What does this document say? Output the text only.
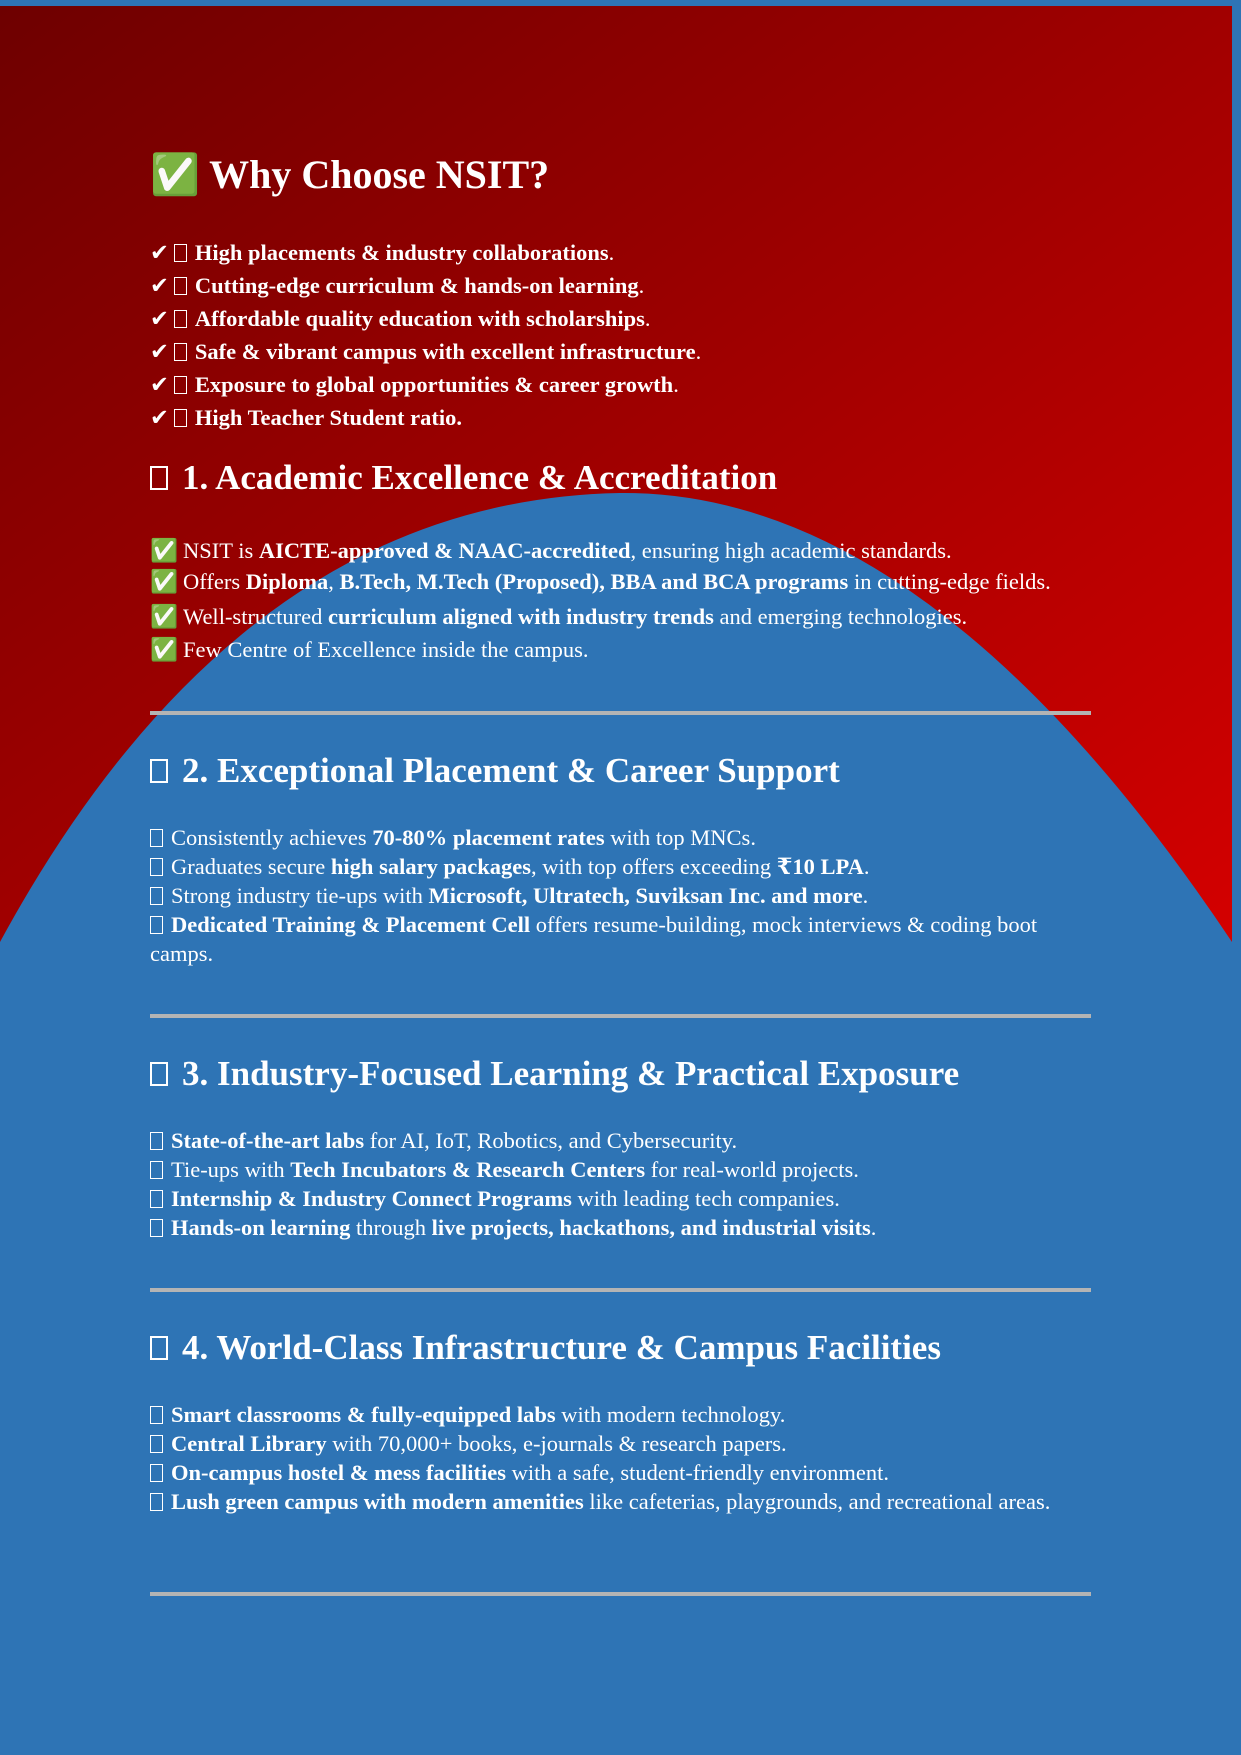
✅ Why Choose NSIT?
✔ High placements & industry collaborations.
✔ Cutting-edge curriculum & hands-on learning.
✔ Affordable quality education with scholarships.
✔ Safe & vibrant campus with excellent infrastructure.
✔ Exposure to global opportunities & career growth.
✔ High Teacher Student ratio.
1. Academic Excellence & Accreditation
✅ NSIT is AICTE-approved & NAAC-accredited, ensuring high academic standards.
✅ Offers Diploma, B.Tech, M.Tech (Proposed), BBA and BCA programs in cutting-edge fields.
✅ Well-structured curriculum aligned with industry trends and emerging technologies.
✅ Few Centre of Excellence inside the campus.
2. Exceptional Placement & Career Support
Consistently achieves 70-80% placement rates with top MNCs.
Graduates secure high salary packages, with top offers exceeding ₹10 LPA.
Strong industry tie-ups with Microsoft, Ultratech, Suviksan Inc. and more.
Dedicated Training & Placement Cell offers resume-building, mock interviews & coding boot camps.
3. Industry-Focused Learning & Practical Exposure
State-of-the-art labs for AI, IoT, Robotics, and Cybersecurity.
Tie-ups with Tech Incubators & Research Centers for real-world projects.
Internship & Industry Connect Programs with leading tech companies.
Hands-on learning through live projects, hackathons, and industrial visits.
4. World-Class Infrastructure & Campus Facilities
Smart classrooms & fully-equipped labs with modern technology.
Central Library with 70,000+ books, e-journals & research papers.
On-campus hostel & mess facilities with a safe, student-friendly environment.
Lush green campus with modern amenities like cafeterias, playgrounds, and recreational areas.
